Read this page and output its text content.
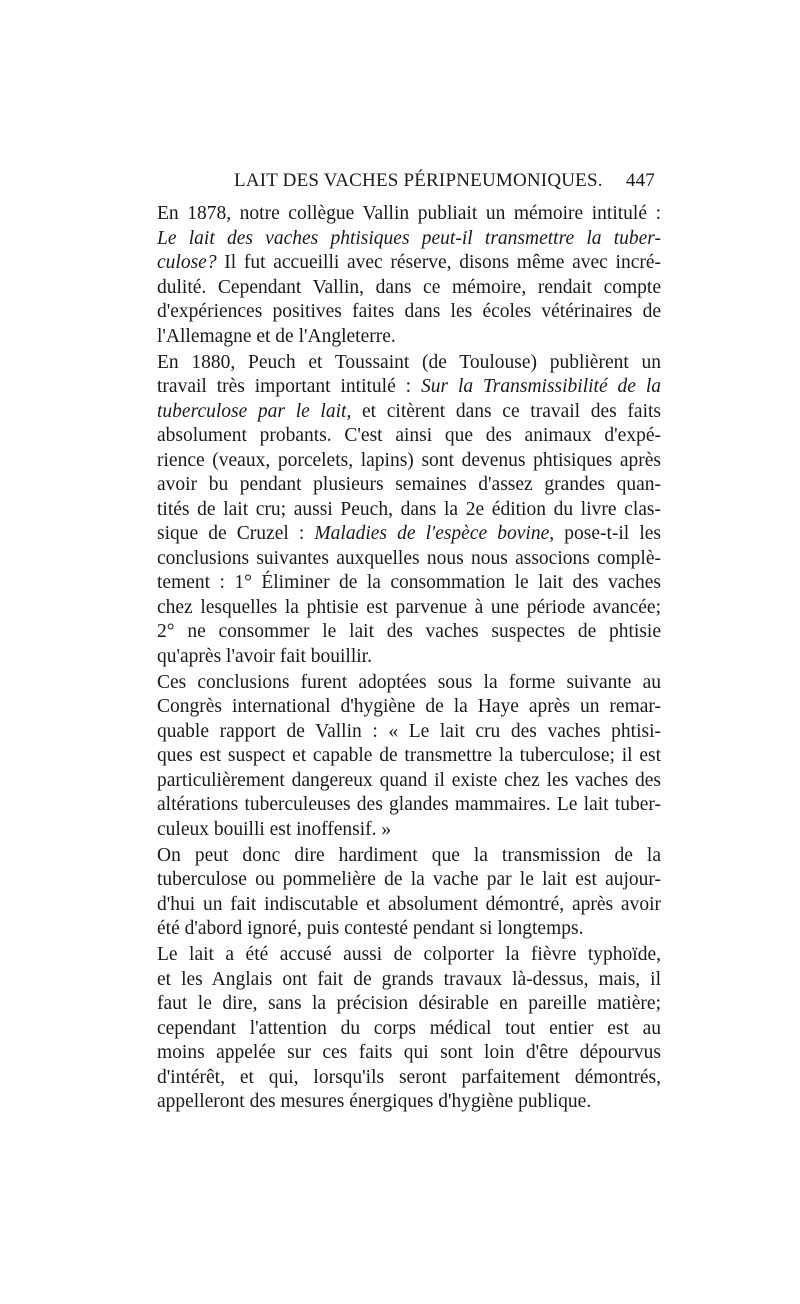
LAIT DES VACHES PÉRIPNEUMONIQUES. 447
En 1878, notre collègue Vallin publiait un mémoire intitulé :
Le lait des vaches phtisiques peut-il transmettre la tuber-
culose? Il fut accueilli avec réserve, disons même avec incré-
dulité. Cependant Vallin, dans ce mémoire, rendait compte
d'expériences positives faites dans les écoles vétérinaires de
l'Allemagne et de l'Angleterre.
En 1880, Peuch et Toussaint (de Toulouse) publièrent un
travail très important intitulé : Sur la Transmissibilité de la
tuberculose par le lait, et citèrent dans ce travail des faits
absolument probants. C'est ainsi que des animaux d'expé-
rience (veaux, porcelets, lapins) sont devenus phtisiques après
avoir bu pendant plusieurs semaines d'assez grandes quan-
tités de lait cru; aussi Peuch, dans la 2e édition du livre clas-
sique de Cruzel : Maladies de l'espèce bovine, pose-t-il les
conclusions suivantes auxquelles nous nous associons complè-
tement : 1° Éliminer de la consommation le lait des vaches
chez lesquelles la phtisie est parvenue à une période avancée;
2° ne consommer le lait des vaches suspectes de phtisie
qu'après l'avoir fait bouillir.
Ces conclusions furent adoptées sous la forme suivante au
Congrès international d'hygiène de la Haye après un remar-
quable rapport de Vallin : « Le lait cru des vaches phtisi-
ques est suspect et capable de transmettre la tuberculose; il est
particulièrement dangereux quand il existe chez les vaches des
altérations tuberculeuses des glandes mammaires. Le lait tuber-
culeux bouilli est inoffensif. »
On peut donc dire hardiment que la transmission de la
tuberculose ou pommelière de la vache par le lait est aujour-
d'hui un fait indiscutable et absolument démontré, après avoir
été d'abord ignoré, puis contesté pendant si longtemps.
Le lait a été accusé aussi de colporter la fièvre typhoïde,
et les Anglais ont fait de grands travaux là-dessus, mais, il
faut le dire, sans la précision désirable en pareille matière;
cependant l'attention du corps médical tout entier est au
moins appelée sur ces faits qui sont loin d'être dépourvus
d'intérêt, et qui, lorsqu'ils seront parfaitement démontrés,
appelleront des mesures énergiques d'hygiène publique.
